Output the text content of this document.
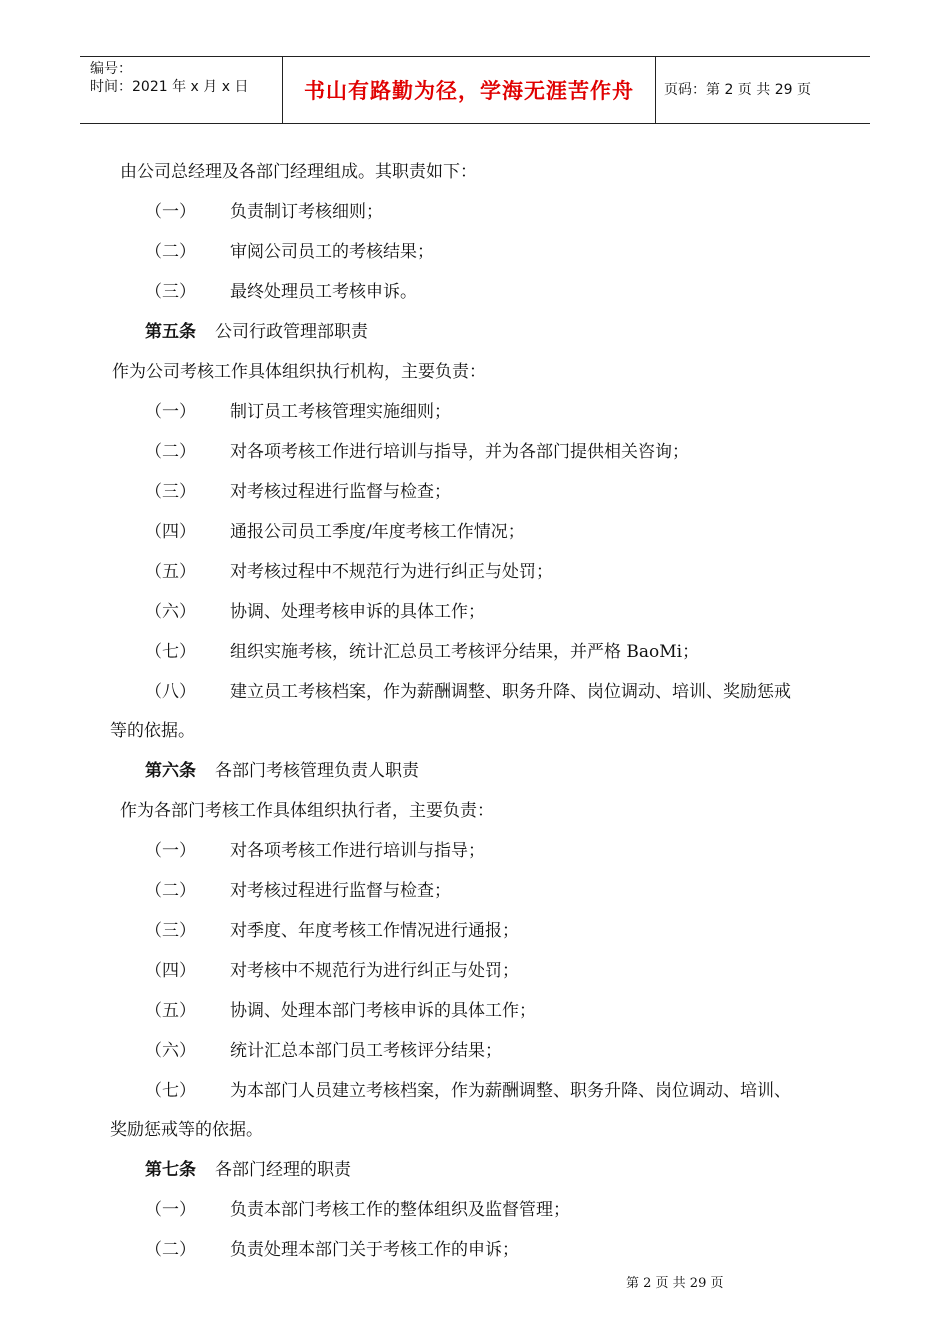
编号：
时间：2021 年 x 月 x 日	书山有路勤为径，学海无涯苦作舟 页码：第 2 页 共 29 页
由公司总经理及各部门经理组成。其职责如下：
（一） 负责制订考核细则；
（二） 审阅公司员工的考核结果；
（三） 最终处理员工考核申诉。
第五条 公司行政管理部职责
作为公司考核工作具体组织执行机构，主要负责：
（一） 制订员工考核管理实施细则；
（二） 对各项考核工作进行培训与指导，并为各部门提供相关咨询；
（三） 对考核过程进行监督与检查；
（四） 通报公司员工季度/年度考核工作情况；
（五） 对考核过程中不规范行为进行纠正与处罚；
（六） 协调、处理考核申诉的具体工作；
（七） 组织实施考核，统计汇总员工考核评分结果，并严格 BaoMi；
（八） 建立员工考核档案，作为薪酬调整、职务升降、岗位调动、培训、奖励惩戒
等的依据。
第六条 各部门考核管理负责人职责
作为各部门考核工作具体组织执行者，主要负责：
（一） 对各项考核工作进行培训与指导；
（二） 对考核过程进行监督与检查；
（三） 对季度、年度考核工作情况进行通报；
（四） 对考核中不规范行为进行纠正与处罚；
（五） 协调、处理本部门考核申诉的具体工作；
（六） 统计汇总本部门员工考核评分结果；
（七） 为本部门人员建立考核档案，作为薪酬调整、职务升降、岗位调动、培训、
奖励惩戒等的依据。
第七条 各部门经理的职责
（一） 负责本部门考核工作的整体组织及监督管理；
（二） 负责处理本部门关于考核工作的申诉；
第 2 页 共 29 页
